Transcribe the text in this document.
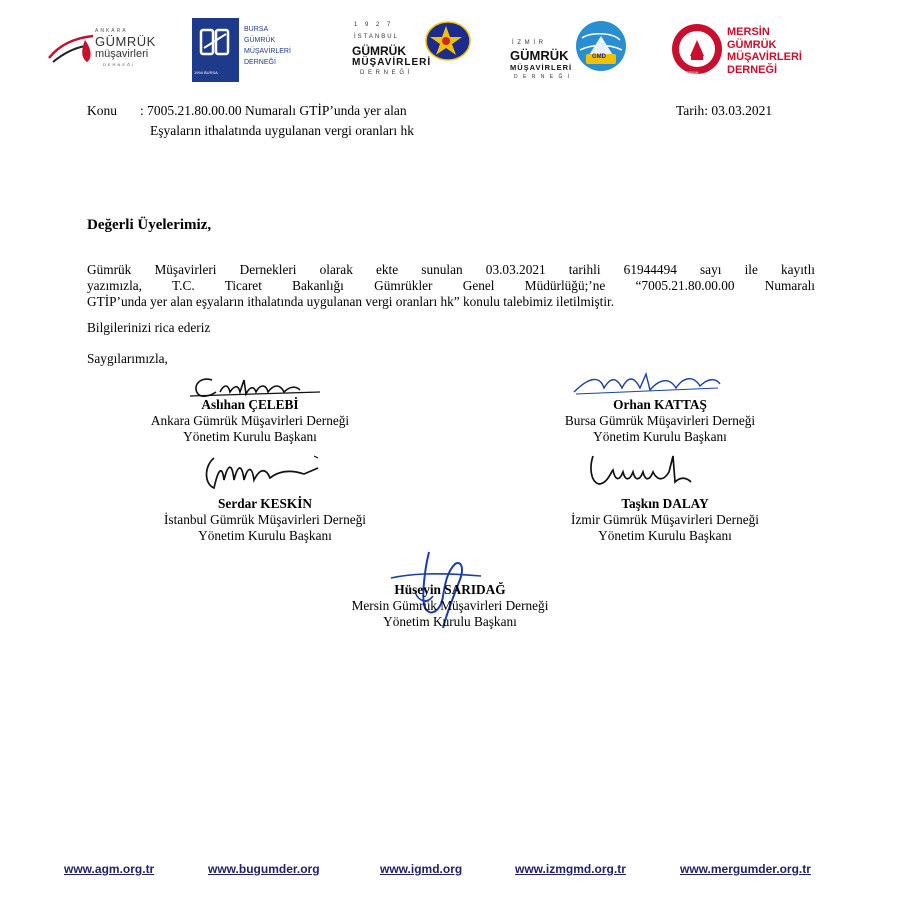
ANKARA
GÜMRÜK
müşavirleri
DERNEĞİ
1994 BURSA
BURSA
GÜMRÜK
MÜŞAVİRLERİ
DERNEĞİ
1 9 2 7
İSTANBUL
GÜMRÜK
MÜŞAVİRLERİ
D E R N E Ğ İ
GMD
İ Z M İ R
GÜMRÜK
MÜŞAVİRLERİ
D E R N E Ğ İ
MERSİN
MERSİN
GÜMRÜK
MÜŞAVİRLERİ
DERNEĞİ
Konu : 7005.21.80.00.00 Numaralı GTİP’unda yer alan
Eşyaların ithalatında uygulanan vergi oranları hk
Tarih: 03.03.2021
Değerli Üyelerimiz,
Gümrük Müşavirleri Dernekleri olarak ekte sunulan 03.03.2021 tarihli 61944494 sayı ile kayıtlı
yazımızla, T.C. Ticaret Bakanlığı Gümrükler Genel Müdürlüğü;’ne “7005.21.80.00.00 Numaralı
GTİP’unda yer alan eşyaların ithalatında uygulanan vergi oranları hk” konulu talebimiz iletilmiştir.
Bilgilerinizi rica ederiz
Saygılarımızla,
Aslıhan ÇELEBİ
Ankara Gümrük Müşavirleri Derneği
Yönetim Kurulu Başkanı
Orhan KATTAŞ
Bursa Gümrük Müşavirleri Derneği
Yönetim Kurulu Başkanı
Serdar KESKİN
İstanbul Gümrük Müşavirleri Derneği
Yönetim Kurulu Başkanı
Taşkın DALAY
İzmir Gümrük Müşavirleri Derneği
Yönetim Kurulu Başkanı
Hüseyin SARIDAĞ
Mersin Gümrük Müşavirleri Derneği
Yönetim Kurulu Başkanı
www.agm.org.tr	www.bugumder.org	www.igmd.org	www.izmgmd.org.tr	www.mergumder.org.tr
